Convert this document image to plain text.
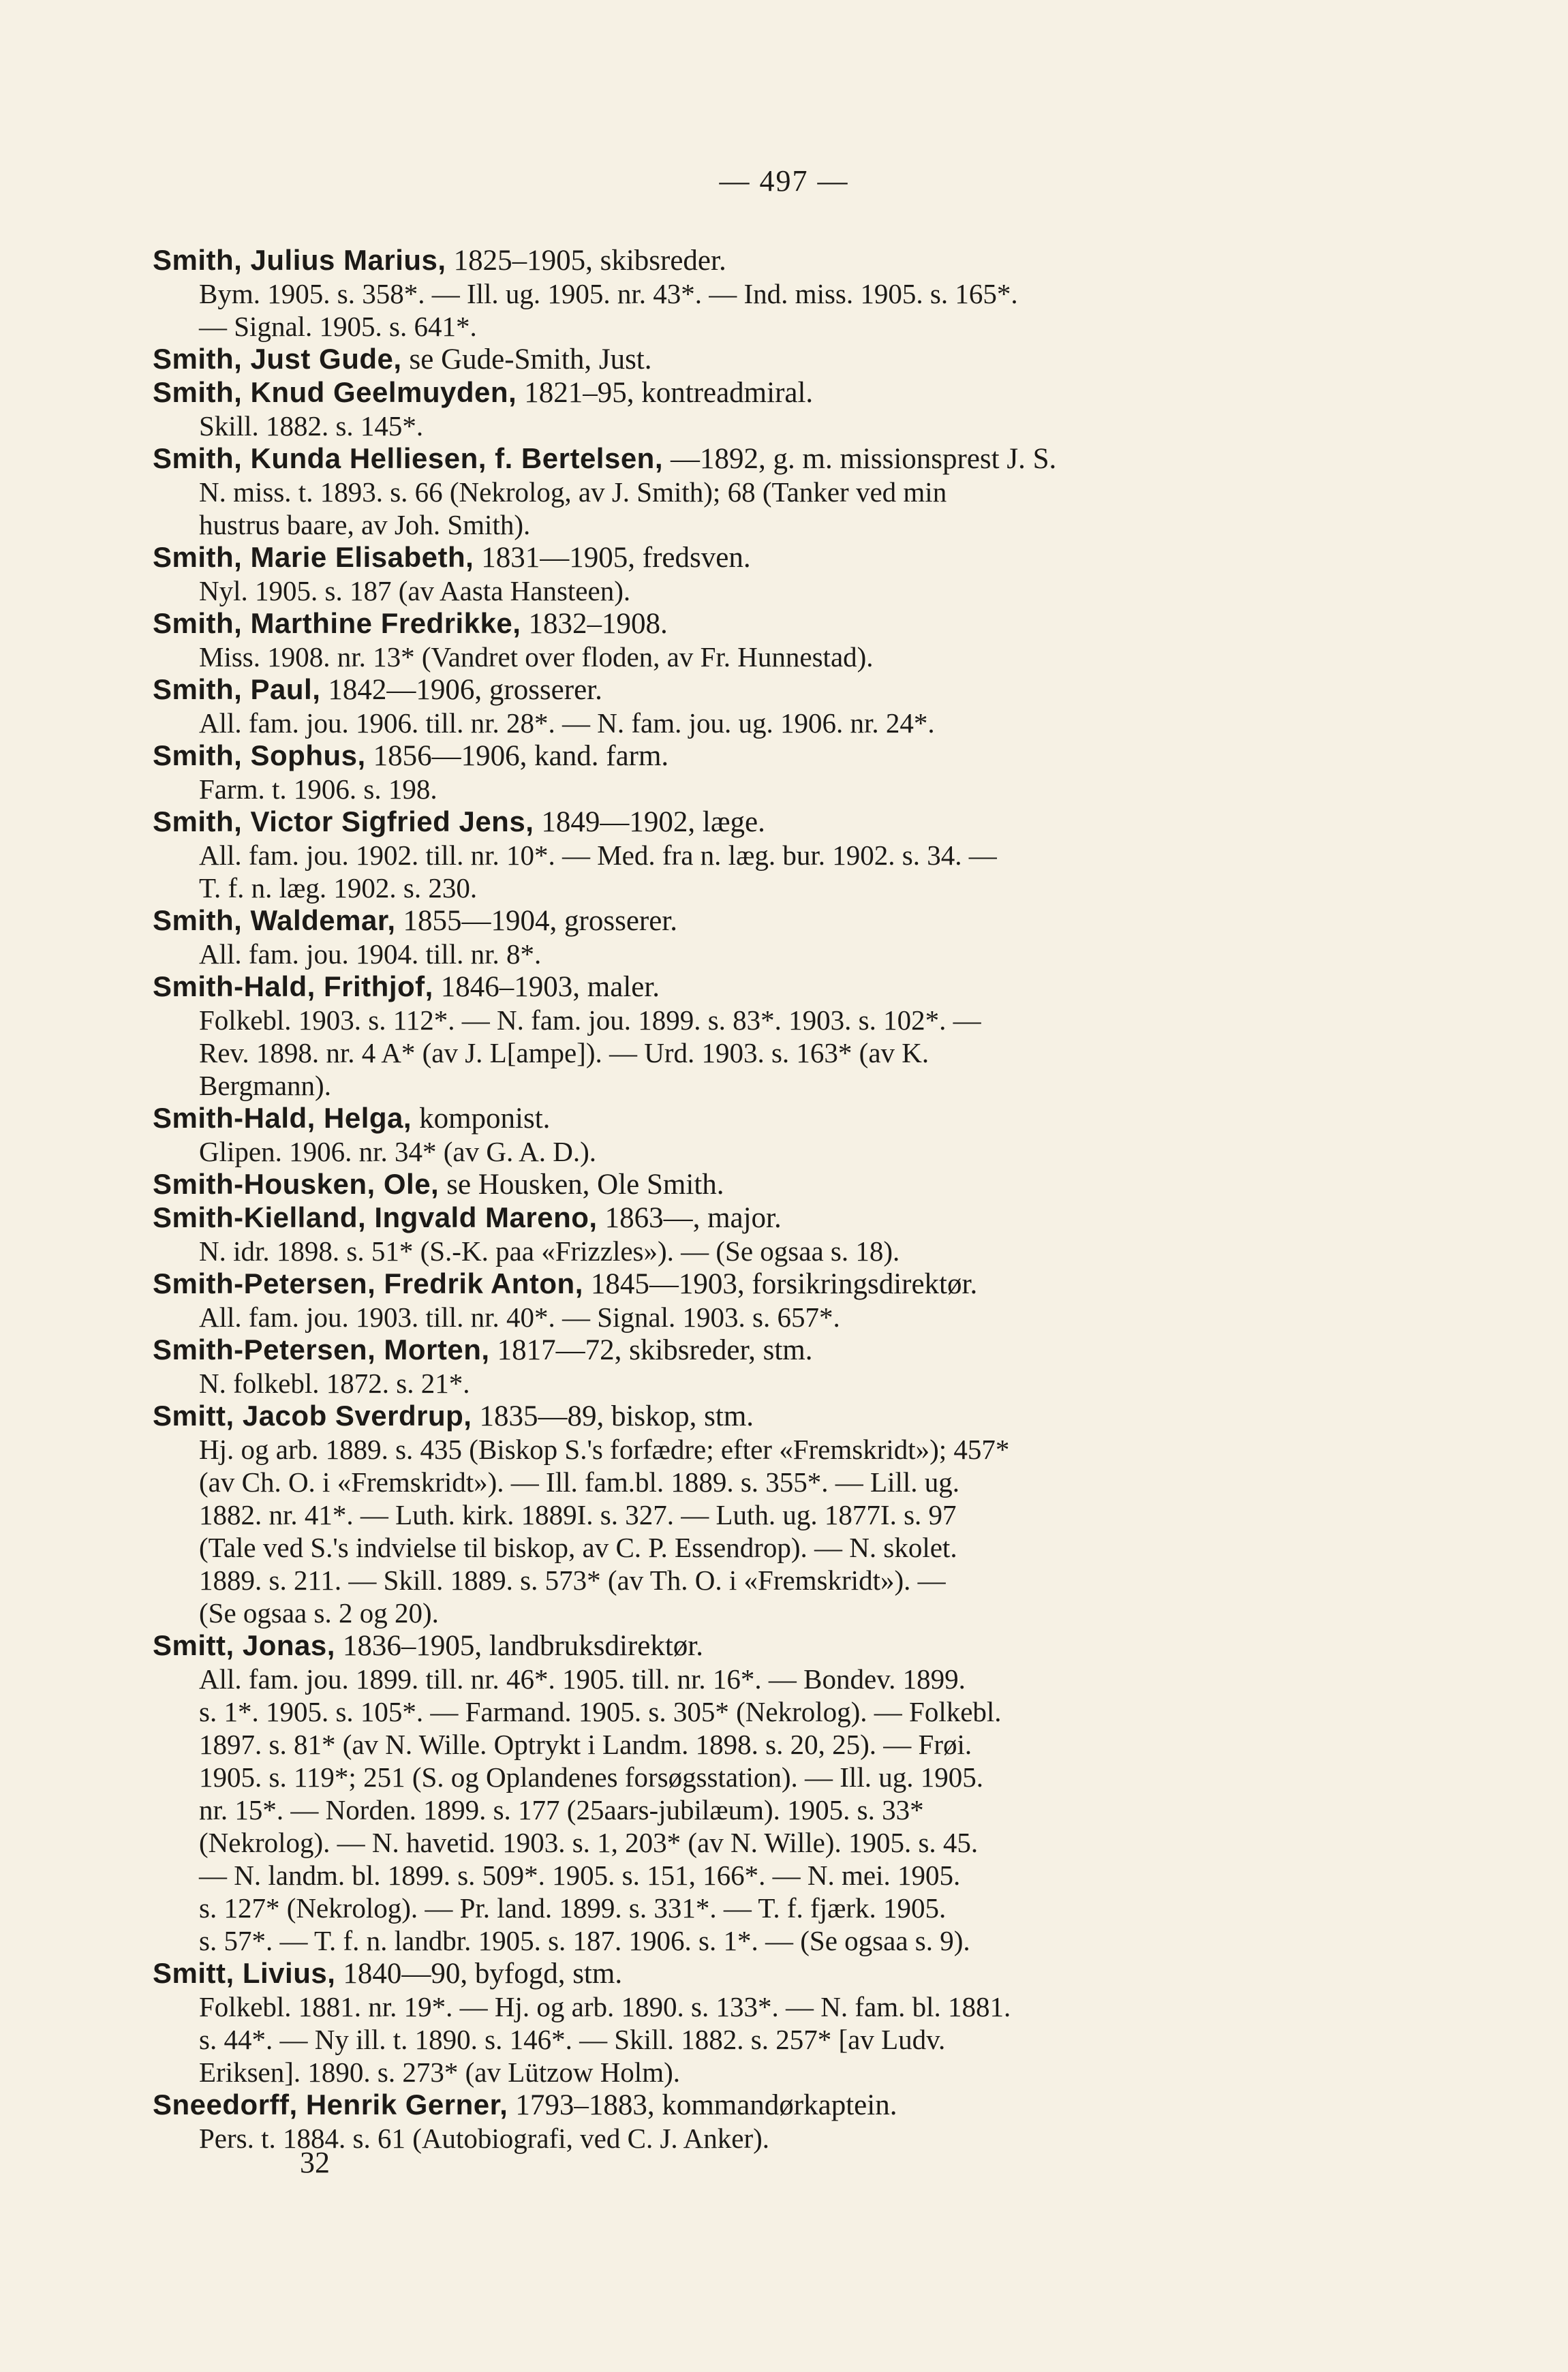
— 497 —
Smith, Julius Marius, 1825–1905, skibsreder.
Bym. 1905. s. 358*. — Ill. ug. 1905. nr. 43*. — Ind. miss. 1905. s. 165*.
— Signal. 1905. s. 641*.
Smith, Just Gude, se Gude-Smith, Just.
Smith, Knud Geelmuyden, 1821–95, kontreadmiral.
Skill. 1882. s. 145*.
Smith, Kunda Helliesen, f. Bertelsen, —1892, g. m. missionsprest J. S.
N. miss. t. 1893. s. 66 (Nekrolog, av J. Smith); 68 (Tanker ved min
hustrus baare, av Joh. Smith).
Smith, Marie Elisabeth, 1831—1905, fredsven.
Nyl. 1905. s. 187 (av Aasta Hansteen).
Smith, Marthine Fredrikke, 1832–1908.
Miss. 1908. nr. 13* (Vandret over floden, av Fr. Hunnestad).
Smith, Paul, 1842—1906, grosserer.
All. fam. jou. 1906. till. nr. 28*. — N. fam. jou. ug. 1906. nr. 24*.
Smith, Sophus, 1856—1906, kand. farm.
Farm. t. 1906. s. 198.
Smith, Victor Sigfried Jens, 1849—1902, læge.
All. fam. jou. 1902. till. nr. 10*. — Med. fra n. læg. bur. 1902. s. 34. —
T. f. n. læg. 1902. s. 230.
Smith, Waldemar, 1855—1904, grosserer.
All. fam. jou. 1904. till. nr. 8*.
Smith-Hald, Frithjof, 1846–1903, maler.
Folkebl. 1903. s. 112*. — N. fam. jou. 1899. s. 83*. 1903. s. 102*. —
Rev. 1898. nr. 4 A* (av J. L[ampe]). — Urd. 1903. s. 163* (av K.
Bergmann).
Smith-Hald, Helga, komponist.
Glipen. 1906. nr. 34* (av G. A. D.).
Smith-Housken, Ole, se Housken, Ole Smith.
Smith-Kielland, Ingvald Mareno, 1863—, major.
N. idr. 1898. s. 51* (S.-K. paa «Frizzles»). — (Se ogsaa s. 18).
Smith-Petersen, Fredrik Anton, 1845—1903, forsikringsdirektør.
All. fam. jou. 1903. till. nr. 40*. — Signal. 1903. s. 657*.
Smith-Petersen, Morten, 1817—72, skibsreder, stm.
N. folkebl. 1872. s. 21*.
Smitt, Jacob Sverdrup, 1835—89, biskop, stm.
Hj. og arb. 1889. s. 435 (Biskop S.'s forfædre; efter «Fremskridt»); 457*
(av Ch. O. i «Fremskridt»). — Ill. fam.bl. 1889. s. 355*. — Lill. ug.
1882. nr. 41*. — Luth. kirk. 1889I. s. 327. — Luth. ug. 1877I. s. 97
(Tale ved S.'s indvielse til biskop, av C. P. Essendrop). — N. skolet.
1889. s. 211. — Skill. 1889. s. 573* (av Th. O. i «Fremskridt»). —
(Se ogsaa s. 2 og 20).
Smitt, Jonas, 1836–1905, landbruksdirektør.
All. fam. jou. 1899. till. nr. 46*. 1905. till. nr. 16*. — Bondev. 1899.
s. 1*. 1905. s. 105*. — Farmand. 1905. s. 305* (Nekrolog). — Folkebl.
1897. s. 81* (av N. Wille. Optrykt i Landm. 1898. s. 20, 25). — Frøi.
1905. s. 119*; 251 (S. og Oplandenes forsøgsstation). — Ill. ug. 1905.
nr. 15*. — Norden. 1899. s. 177 (25aars-jubilæum). 1905. s. 33*
(Nekrolog). — N. havetid. 1903. s. 1, 203* (av N. Wille). 1905. s. 45.
— N. landm. bl. 1899. s. 509*. 1905. s. 151, 166*. — N. mei. 1905.
s. 127* (Nekrolog). — Pr. land. 1899. s. 331*. — T. f. fjærk. 1905.
s. 57*. — T. f. n. landbr. 1905. s. 187. 1906. s. 1*. — (Se ogsaa s. 9).
Smitt, Livius, 1840—90, byfogd, stm.
Folkebl. 1881. nr. 19*. — Hj. og arb. 1890. s. 133*. — N. fam. bl. 1881.
s. 44*. — Ny ill. t. 1890. s. 146*. — Skill. 1882. s. 257* [av Ludv.
Eriksen]. 1890. s. 273* (av Lützow Holm).
Sneedorff, Henrik Gerner, 1793–1883, kommandørkaptein.
Pers. t. 1884. s. 61 (Autobiografi, ved C. J. Anker).
32
